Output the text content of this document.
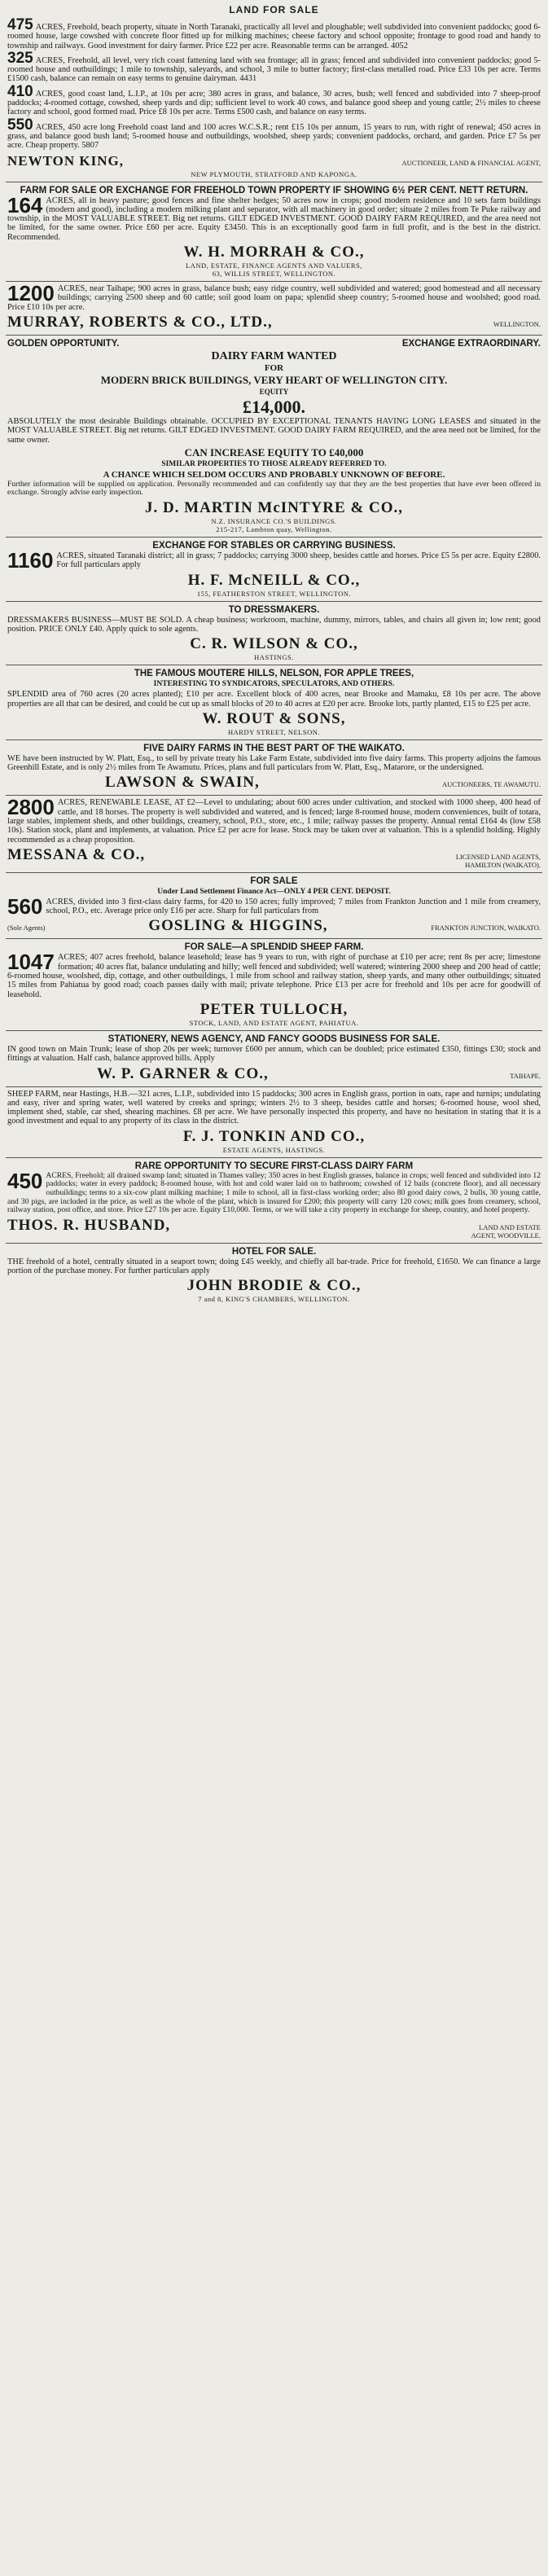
LAND FOR SALE

475 ACRES, Freehold, beach property, situate in North Taranaki, practically all level and ploughable; well subdivided into convenient paddocks; good 6-roomed house, large cowshed with concrete floor fitted up for milking machines; cheese factory and school opposite; frontage to good road and handy to township and railways. Good investment for dairy farmer. Price £22 per acre. Reasonable terms can be arranged. 4052

325 ACRES, Freehold, all level, very rich coast fattening land with sea frontage; all in grass; fenced and subdivided into convenient paddocks; good 5-roomed house and outbuildings; 1 mile to township, saleyards, and school, 3 mile to butter factory; first-class metalled road. Price £33 10s per acre. Terms £1500 cash, balance can remain on easy terms to genuine dairyman. 4431

410 ACRES, good coast land, L.I.P., at 10s per acre; 380 acres in grass, and balance, 30 acres, bush; well fenced and subdivided into 7 sheep-proof paddocks; 4-roomed cottage, cowshed, sheep yards and dip; sufficient level to work 40 cows, and balance good sheep and young cattle; 2½ miles to cheese factory and school, good formed road. Price £8 10s per acre. Terms £500 cash, and balance on easy terms.

550 ACRES, 450 acre long Freehold coast land and 100 acres W.C.S.R.; rent £15 10s per annum, 15 years to run, with right of renewal; 450 acres in grass, and balance good bush land; 5-roomed house and outbuildings, woolshed, sheep yards; convenient paddocks, orchard, and garden. Price £7 5s per acre. Cheap property. 5807

NEWTON KING,	AUCTIONEER, LAND & FINANCIAL AGENT,
NEW PLYMOUTH, STRATFORD AND KAPONGA.
FARM FOR SALE OR EXCHANGE FOR FREEHOLD TOWN PROPERTY IF SHOWING 6½ PER CENT. NETT RETURN.

164 ACRES, all in heavy pasture; good fences and fine shelter hedges; 50 acres now in crops; good modern residence and 10 sets farm buildings (modern and good), including a modern milking plant and separator, with all machinery in good order; situate 2 miles from Te Puke railway and township, in the MOST VALUABLE STREET. Big net returns. GILT EDGED INVESTMENT. GOOD DAIRY FARM REQUIRED, and the area need not be limited, for the same owner. Price £60 per acre. Equity £3450. This is an exceptionally good farm in full profit, and is the best in the district. Recommended.

W. H. MORRAH & CO.,
LAND, ESTATE, FINANCE AGENTS AND VALUERS,
63, WILLIS STREET, WELLINGTON.

1200 ACRES, near Taihape; 900 acres in grass, balance bush; easy ridge country, well subdivided and watered; good homestead and all necessary buildings; carrying 2500 sheep and 60 cattle; soil good loam on papa; splendid sheep country; 5-roomed house and woolshed; good road. Price £10 10s per acre.

MURRAY, ROBERTS & CO., LTD.,	WELLINGTON.
GOLDEN OPPORTUNITY.	EXCHANGE EXTRAORDINARY.
DAIRY FARM WANTED
FOR
MODERN BRICK BUILDINGS, VERY HEART OF WELLINGTON CITY.
EQUITY
£14,000.

ABSOLUTELY the most desirable Buildings obtainable. OCCUPIED BY EXCEPTIONAL TENANTS HAVING LONG LEASES and situated in the MOST VALUABLE STREET. Big net returns. GILT EDGED INVESTMENT. GOOD DAIRY FARM REQUIRED, and the area need not be limited, for the same owner.

CAN INCREASE EQUITY TO £40,000
SIMILAR PROPERTIES TO THOSE ALREADY REFERRED TO.
A CHANCE WHICH SELDOM OCCURS AND PROBABLY UNKNOWN OF BEFORE.

Further information will be supplied on application. Personally recommended and can confidently say that they are the best properties that have ever been offered in exchange. Strongly advise early inspection.

J. D. MARTIN McINTYRE & CO.,
N.Z. INSURANCE CO.'S BUILDINGS.
215-217, Lambton quay, Wellington.
EXCHANGE FOR STABLES OR CARRYING BUSINESS.

1160 ACRES, situated Taranaki district; all in grass; 7 paddocks; carrying 3000 sheep, besides cattle and horses. Price £5 5s per acre. Equity £2800. For full particulars apply

H. F. McNEILL & CO.,
155, FEATHERSTON STREET, WELLINGTON.
TO DRESSMAKERS.

DRESSMAKERS BUSINESS—MUST BE SOLD. A cheap business; workroom, machine, dummy, mirrors, tables, and chairs all given in; low rent; good position. PRICE ONLY £40. Apply quick to sole agents.

C. R. WILSON & CO.,
HASTINGS.
THE FAMOUS MOUTERE HILLS, NELSON, FOR APPLE TREES,
INTERESTING TO SYNDICATORS, SPECULATORS, AND OTHERS.

SPLENDID area of 760 acres (20 acres planted); £10 per acre. Excellent block of 400 acres, near Brooke and Mamaku, £8 10s per acre. The above properties are all that can be desired, and could be cut up as small blocks of 20 to 40 acres at £20 per acre. Brooke lots, partly planted, £15 to £25 per acre.

W. ROUT & SONS,
HARDY STREET, NELSON.
FIVE DAIRY FARMS IN THE BEST PART OF THE WAIKATO.

WE have been instructed by W. Platt, Esq., to sell by private treaty his Lake Farm Estate, subdivided into five dairy farms. This property adjoins the famous Greenhill Estate, and is only 2½ miles from Te Awamutu. Prices, plans and full particulars from W. Platt, Esq., Matarore, or the undersigned.

LAWSON & SWAIN,	AUCTIONEERS, TE AWAMUTU.

2800 ACRES, RENEWABLE LEASE, AT £2—Level to undulating; about 600 acres under cultivation, and stocked with 1000 sheep, 400 head of cattle, and 18 horses. The property is well subdivided and watered, and is fenced; large 8-roomed house, modern conveniences, built of totara, large stables, implement sheds, and other buildings, creamery, school, P.O., store, etc., 1 mile; railway passes the property. Annual rental £164 4s (low £58 10s). Station stock, plant and implements, at valuation. Price £2 per acre for lease. Stock may be taken over at valuation. This is a splendid holding. Highly recommended as a cheap proposition.

MESSANA & CO.,	LICENSED LAND AGENTS,
HAMILTON (WAIKATO).
FOR SALE
Under Land Settlement Finance Act—ONLY 4 PER CENT. DEPOSIT.

560 ACRES, divided into 3 first-class dairy farms, for 420 to 150 acres; fully improved; 7 miles from Frankton Junction and 1 mile from creamery, school, P.O., etc. Average price only £16 per acre. Sharp for full particulars from

(Sole Agents)	GOSLING & HIGGINS,	FRANKTON JUNCTION, WAIKATO.
FOR SALE—A SPLENDID SHEEP FARM.

1047 ACRES; 407 acres freehold, balance leasehold; lease has 9 years to run, with right of purchase at £10 per acre; rent 8s per acre; limestone formation; 40 acres flat, balance undulating and hilly; well fenced and subdivided; well watered; wintering 2000 sheep and 200 head of cattle; 6-roomed house, woolshed, dip, cottage, and other outbuildings, 1 mile from school and railway station, sheep yards, and many other outbuildings; situated 15 miles from Pahiatua by good road; coach passes daily with mail; private telephone. Price £13 per acre for freehold and 10s per acre for goodwill of leasehold.

PETER TULLOCH,
STOCK, LAND, AND ESTATE AGENT, PAHIATUA.
STATIONERY, NEWS AGENCY, AND FANCY GOODS BUSINESS FOR SALE.

IN good town on Main Trunk; lease of shop 20s per week; turnover £600 per annum, which can be doubled; price estimated £350, fittings £30; stock and fittings at valuation. Half cash, balance approved bills. Apply

W. P. GARNER & CO.,	TAIHAPE.

SHEEP FARM, near Hastings, H.B.—321 acres, L.I.P., subdivided into 15 paddocks; 300 acres in English grass, portion in oats, rape and turnips; undulating and easy, river and spring water, well watered by creeks and springs; winters 2½ to 3 sheep, besides cattle and horses; 6-roomed house, wool shed, implement shed, stable, car shed, shearing machines. £8 per acre. We have personally inspected this property, and have no hesitation in stating that it is a good investment and equal to any property of its class in the district.

F. J. TONKIN AND CO.,
ESTATE AGENTS, HASTINGS.
RARE OPPORTUNITY TO SECURE FIRST-CLASS DAIRY FARM

450 ACRES, Freehold; all drained swamp land; situated in Thames valley; 350 acres in best English grasses, balance in crops; well fenced and subdivided into 12 paddocks; water in every paddock; 8-roomed house, with hot and cold water laid on to bathroom; cowshed of 12 bails (concrete floor), and all necessary outbuildings; terms to a six-cow plant milking machine; 1 mile to school, all in first-class working order; also 80 good dairy cows, 2 bulls, 30 young cattle, and 30 pigs, are included in the price, as well as the whole of the plant, which is insured for £200; this property will carry 120 cows; milk goes from creamery, school, railway station, post office, and store. Price £27 10s per acre. Equity £10,000. Terms, or we will take a city property in exchange for sheep, country, and hotel property.

THOS. R. HUSBAND,	LAND AND ESTATE
AGENT, WOODVILLE.
HOTEL FOR SALE.

THE freehold of a hotel, centrally situated in a seaport town; doing £45 weekly, and chiefly all bar-trade. Price for freehold, £1650. We can finance a large portion of the purchase money. For further particulars apply

JOHN BRODIE & CO.,
7 and 8, KING'S CHAMBERS, WELLINGTON.
